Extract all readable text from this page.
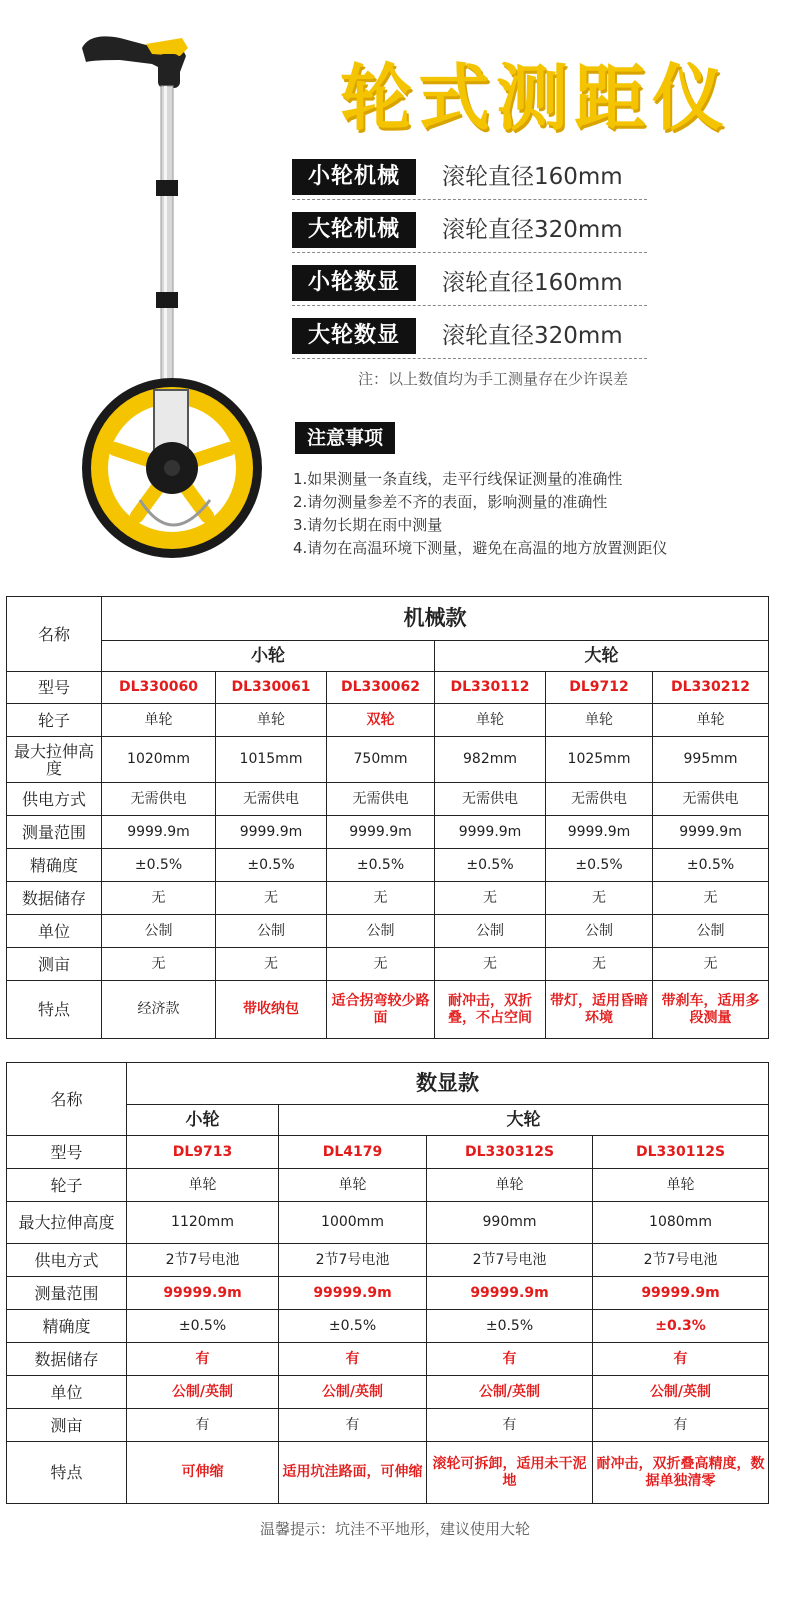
轮式测距仪
小轮机械	滚轮直径160mm
大轮机械	滚轮直径320mm
小轮数显	滚轮直径160mm
大轮数显	滚轮直径320mm
注：以上数值均为手工测量存在少许误差
注意事项
1.如果测量一条直线，走平行线保证测量的准确性
2.请勿测量参差不齐的表面，影响测量的准确性
3.请勿长期在雨中测量
4.请勿在高温环境下测量，避免在高温的地方放置测距仪
名称	机械款					
	小轮			大轮		
型号	DL330060	DL330061	DL330062	DL330112	DL9712	DL330212
轮子	单轮	单轮	双轮	单轮	单轮	单轮
最大拉伸高度	1020mm	1015mm	750mm	982mm	1025mm	995mm
供电方式	无需供电	无需供电	无需供电	无需供电	无需供电	无需供电
测量范围	9999.9m	9999.9m	9999.9m	9999.9m	9999.9m	9999.9m
精确度	±0.5%	±0.5%	±0.5%	±0.5%	±0.5%	±0.5%
数据储存	无	无	无	无	无	无
单位	公制	公制	公制	公制	公制	公制
测亩	无	无	无	无	无	无
特点	经济款	带收纳包	适合拐弯较少路面	耐冲击，双折叠，不占空间	带灯，适用昏暗环境	带刹车，适用多段测量
名称	数显款			
	小轮	大轮		
型号	DL9713	DL4179	DL330312S	DL330112S
轮子	单轮	单轮	单轮	单轮
最大拉伸高度	1120mm	1000mm	990mm	1080mm
供电方式	2节7号电池	2节7号电池	2节7号电池	2节7号电池
测量范围	99999.9m	99999.9m	99999.9m	99999.9m
精确度	±0.5%	±0.5%	±0.5%	±0.3%
数据储存	有	有	有	有
单位	公制/英制	公制/英制	公制/英制	公制/英制
测亩	有	有	有	有
特点	可伸缩	适用坑洼路面，可伸缩	滚轮可拆卸，适用未干泥地	耐冲击，双折叠高精度，数据单独清零
温馨提示：坑洼不平地形，建议使用大轮
